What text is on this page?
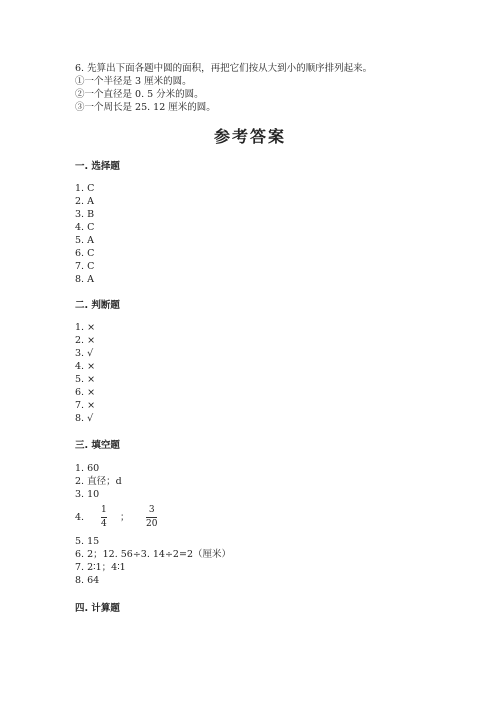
6. 先算出下面各题中圆的面积，再把它们按从大到小的顺序排列起来。
①一个半径是 3 厘米的圆。
②一个直径是 0. 5 分米的圆。
③一个周长是 25. 12 厘米的圆。
参考答案
一. 选择题
1. C
2. A
3. B
4. C
5. A
6. C
7. C
8. A
二. 判断题
1. ×
2. ×
3. √
4. ×
5. ×
6. ×
7. ×
8. √
三. 填空题
1. 60
2. 直径；d
3. 10
4.
1
4
；
3
20
5. 15
6. 2；12. 56÷3. 14÷2=2（厘米）
7. 2∶1；4∶1
8. 64
四. 计算题
